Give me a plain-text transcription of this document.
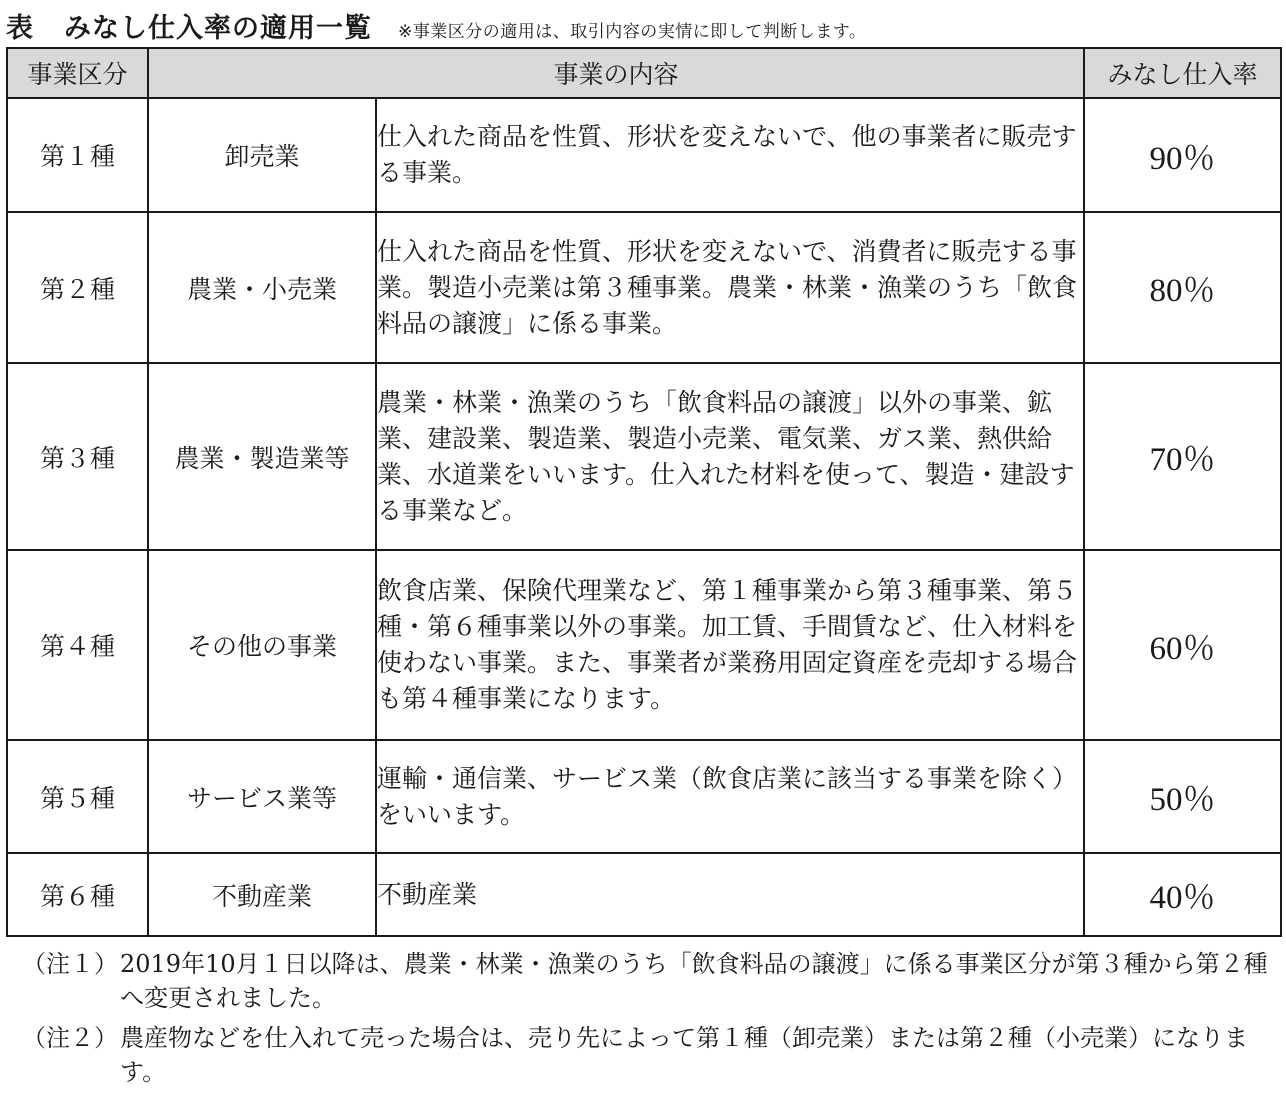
表 みなし仕入率の適用一覧 ※事業区分の適用は、取引内容の実情に即して判断します。
事業区分	事業の内容		みなし仕入率
第１種	卸売業	仕入れた商品を性質、形状を変えないで、他の事業者に販売する事業。	90％
第２種	農業・小売業	仕入れた商品を性質、形状を変えないで、消費者に販売する事業。製造小売業は第３種事業。農業・林業・漁業のうち「飲食料品の譲渡」に係る事業。	80％
第３種	農業・製造業等	農業・林業・漁業のうち「飲食料品の譲渡」以外の事業、鉱業、建設業、製造業、製造小売業、電気業、ガス業、熱供給業、水道業をいいます。仕入れた材料を使って、製造・建設する事業など。	70％
第４種	その他の事業	飲食店業、保険代理業など、第１種事業から第３種事業、第５種・第６種事業以外の事業。加工賃、手間賃など、仕入材料を使わない事業。また、事業者が業務用固定資産を売却する場合も第４種事業になります。	60％
第５種	サービス業等	運輸・通信業、サービス業（飲食店業に該当する事業を除く）をいいます。	50％
第６種	不動産業	不動産業	40％
（注１） 2019年10月１日以降は、農業・林業・漁業のうち「飲食料品の譲渡」に係る事業区分が第３種から第２種へ変更されました。
（注２） 農産物などを仕入れて売った場合は、売り先によって第１種（卸売業）または第２種（小売業）になります。
